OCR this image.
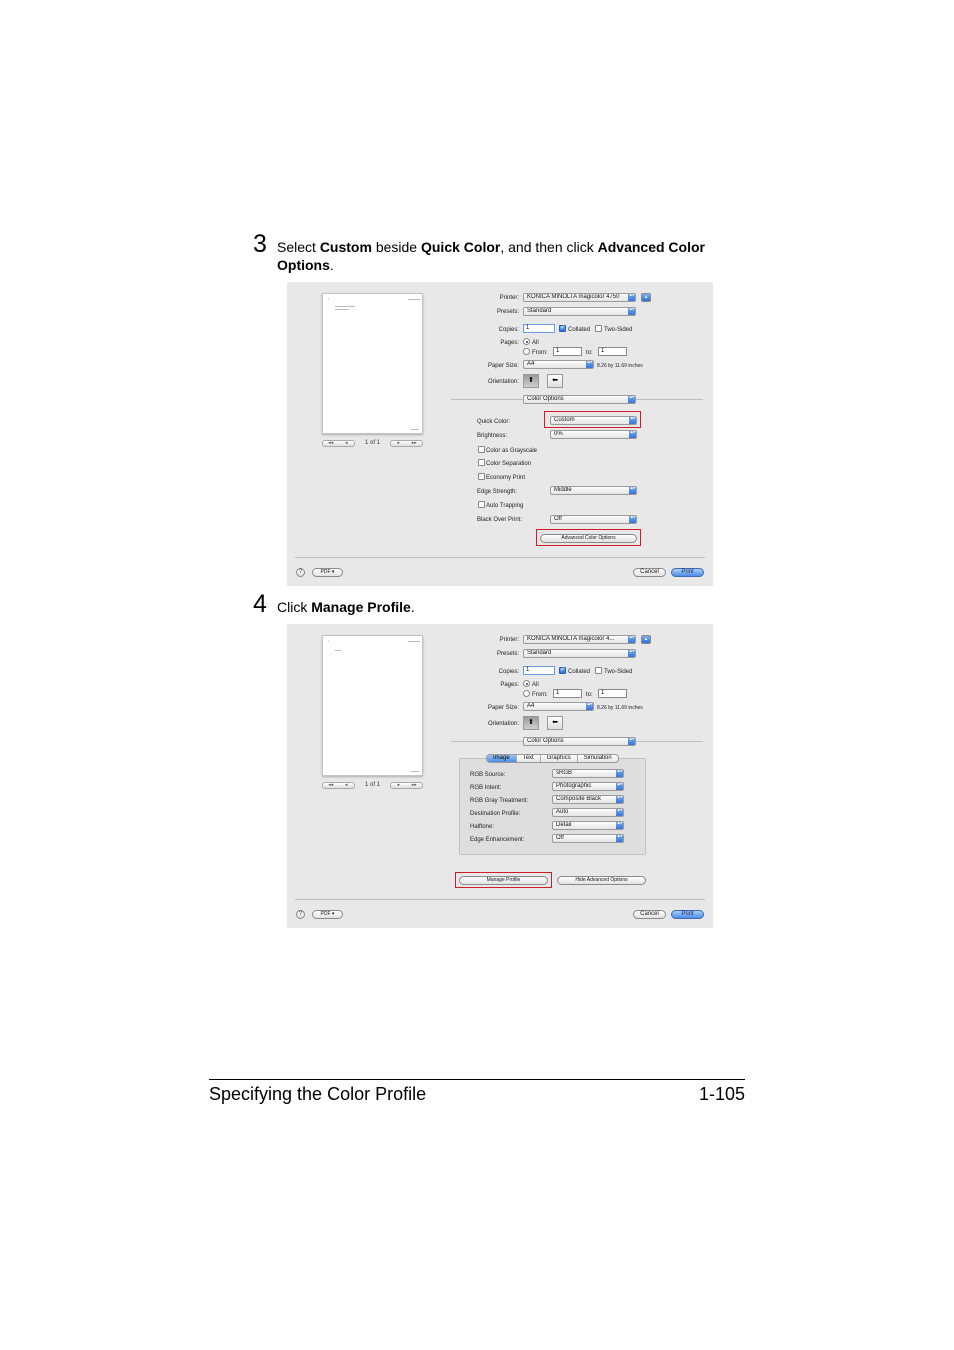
3 Select Custom beside Quick Color, and then click Advanced Color Options.
▪
◂◂ ◂	1 of 1	▸ ▸▸
Printer:	KONICA MINOLTA magicolor 4750 ▴▾	▴
Presets:	Standard	▴▾
Copies:	1	✓ Collated Two-Sided
Pages: All
From:	1	to:	1
Paper Size:	A4	▴▾
8.26 by 11.69 inches
Orientation:	⬆	⬅
Color Options	▴▾
Quick Color:	Custom	▴▾
Brightness:	0%	▴▾
Color as Grayscale
Color Separation
Economy Print
Edge Strength:	Middle	▴▾
Auto Trapping
Black Over Print:	Off	▴▾
Advanced Color Options
?	PDF ▾	Cancel	Print
4 Click Manage Profile.
▪
◂◂ ◂	1 of 1	▸ ▸▸
Printer:	KONICA MINOLTA magicolor 4...	▴▾	▴
Presets:	Standard	▴▾
Copies:	1	✓ Collated Two-Sided
Pages: All
From:	1	to:	1
Paper Size:	A4	▴▾
8.26 by 11.69 inches
Orientation:	⬆	⬅
Color Options	▴▾
Image	Text	Graphics	Simulation
RGB Source:	sRGB	▴▾
RGB Intent:	Photographic	▴▾
RGB Gray Treatment:	Composite Black	▴▾
Destination Profile:	Auto	▴▾
Halftone:	Detail	▴▾
Edge Enhancement:	Off	▴▾
Manage Profile	Hide Advanced Options
?	PDF ▾	Cancel	Print
Specifying the Color Profile	1-105
